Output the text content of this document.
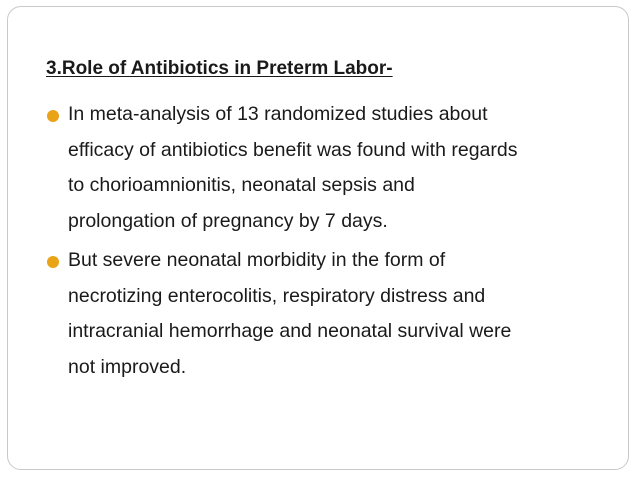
3.Role of Antibiotics in Preterm Labor-
In meta-analysis of 13 randomized studies about
efficacy of antibiotics benefit was found with regards
to chorioamnionitis, neonatal sepsis and
prolongation of pregnancy by 7 days.
But severe neonatal morbidity in the form of
necrotizing enterocolitis, respiratory distress and
intracranial hemorrhage and neonatal survival were
not improved.
